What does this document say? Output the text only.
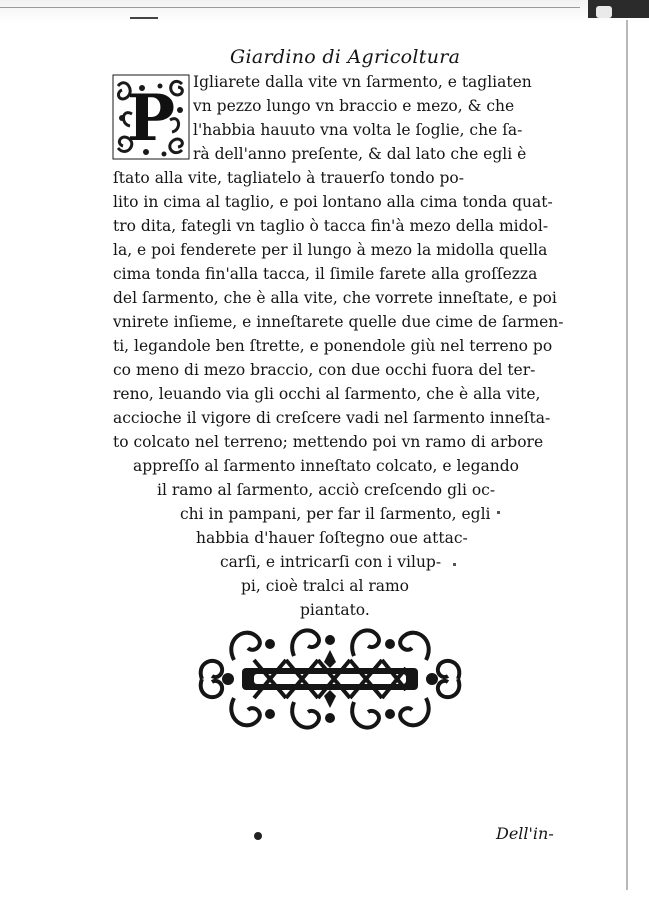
Giardino di Agricoltura
P Igliarete dalla vite vn ſarmento, e tagliaten
vn pezzo lungo vn braccio e mezo, & che
l'habbia hauuto vna volta le ſoglie, che ſa-
rà dell'anno preſente, & dal lato che egli è
ſtato alla vite, tagliatelo à trauerſo tondo po-
lito in cima al taglio, e poi lontano alla cima tonda quat-
tro dita, fategli vn taglio ò tacca fin'à mezo della midol-
la, e poi fenderete per il lungo à mezo la midolla quella
cima tonda fin'alla tacca, il ſimile farete alla groſſezza
del ſarmento, che è alla vite, che vorrete inneſtate, e poi
vnirete inſieme, e inneſtarete quelle due cime de ſarmen-
ti, legandole ben ſtrette, e ponendole giù nel terreno po
co meno di mezo braccio, con due occhi fuora del ter-
reno, leuando via gli occhi al ſarmento, che è alla vite,
accioche il vigore di creſcere vadi nel ſarmento inneſta-
to colcato nel terreno; mettendo poi vn ramo di arbore
appreſſo al ſarmento inneſtato colcato, e legando
il ramo al ſarmento, acciò creſcendo gli oc-
chi in pampani, per far il ſarmento, egli
habbia d'hauer ſoſtegno oue attac-
carſi, e intricarſi con i vilup-
pi, cioè tralci al ramo
piantato.
Dell'in-
